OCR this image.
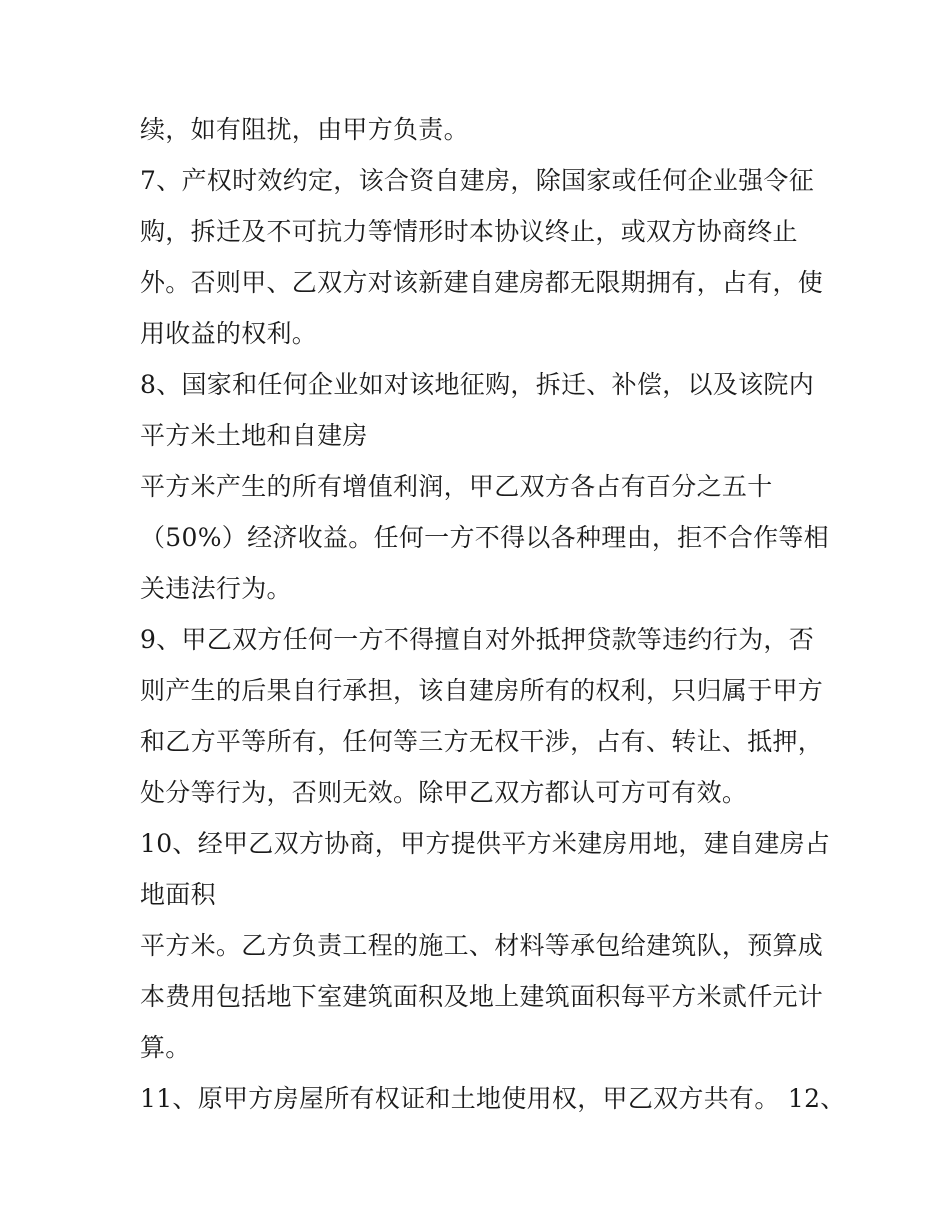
续，如有阻扰，由甲方负责。
7、产权时效约定，该合资自建房，除国家或任何企业强令征
购，拆迁及不可抗力等情形时本协议终止，或双方协商终止
外。否则甲、乙双方对该新建自建房都无限期拥有，占有，使
用收益的权利。
8、国家和任何企业如对该地征购，拆迁、补偿，以及该院内
平方米土地和自建房
平方米产生的所有增值利润，甲乙双方各占有百分之五十
（50%）经济收益。任何一方不得以各种理由，拒不合作等相
关违法行为。
9、甲乙双方任何一方不得擅自对外抵押贷款等违约行为，否
则产生的后果自行承担，该自建房所有的权利，只归属于甲方
和乙方平等所有，任何等三方无权干涉，占有、转让、抵押，
处分等行为，否则无效。除甲乙双方都认可方可有效。
10、经甲乙双方协商，甲方提供平方米建房用地，建自建房占
地面积
平方米。乙方负责工程的施工、材料等承包给建筑队，预算成
本费用包括地下室建筑面积及地上建筑面积每平方米贰仟元计
算。
11、原甲方房屋所有权证和土地使用权，甲乙双方共有。 12、
